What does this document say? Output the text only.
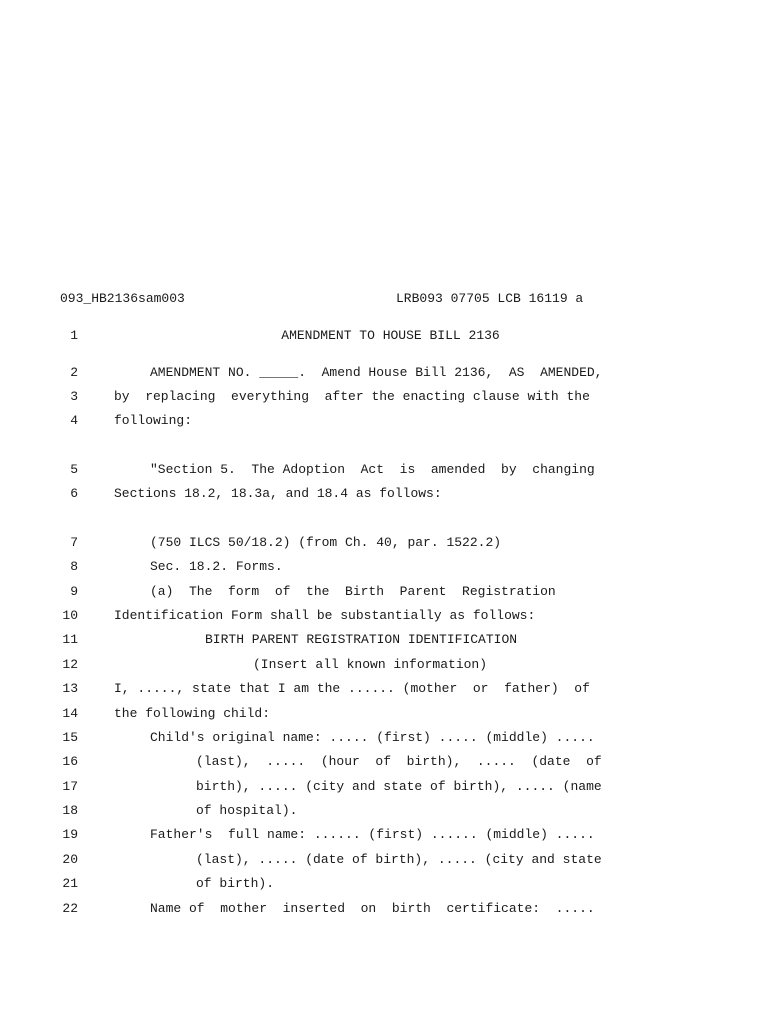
093_HB2136sam003	LRB093 07705 LCB 16119 a
1	AMENDMENT TO HOUSE BILL 2136
2	AMENDMENT NO. _____.  Amend House Bill 2136,  AS  AMENDED,
3	by  replacing  everything  after the enacting clause with the
4	following:
5	"Section 5.  The Adoption  Act  is  amended  by  changing
6	Sections 18.2, 18.3a, and 18.4 as follows:
7	(750 ILCS 50/18.2) (from Ch. 40, par. 1522.2)
8	Sec. 18.2. Forms.
9	(a)  The  form  of  the  Birth  Parent  Registration
10	Identification Form shall be substantially as follows:
11	BIRTH PARENT REGISTRATION IDENTIFICATION
12	(Insert all known information)
13	I, ....., state that I am the ...... (mother  or  father)  of
14	the following child:
15	Child's original name: ..... (first) ..... (middle) .....
16	(last),  .....  (hour  of  birth),  .....  (date  of
17	birth), ..... (city and state of birth), ..... (name
18	of hospital).
19	Father's  full name: ...... (first) ...... (middle) .....
20	(last), ..... (date of birth), ..... (city and state
21	of birth).
22	Name of  mother  inserted  on  birth  certificate:  .....
